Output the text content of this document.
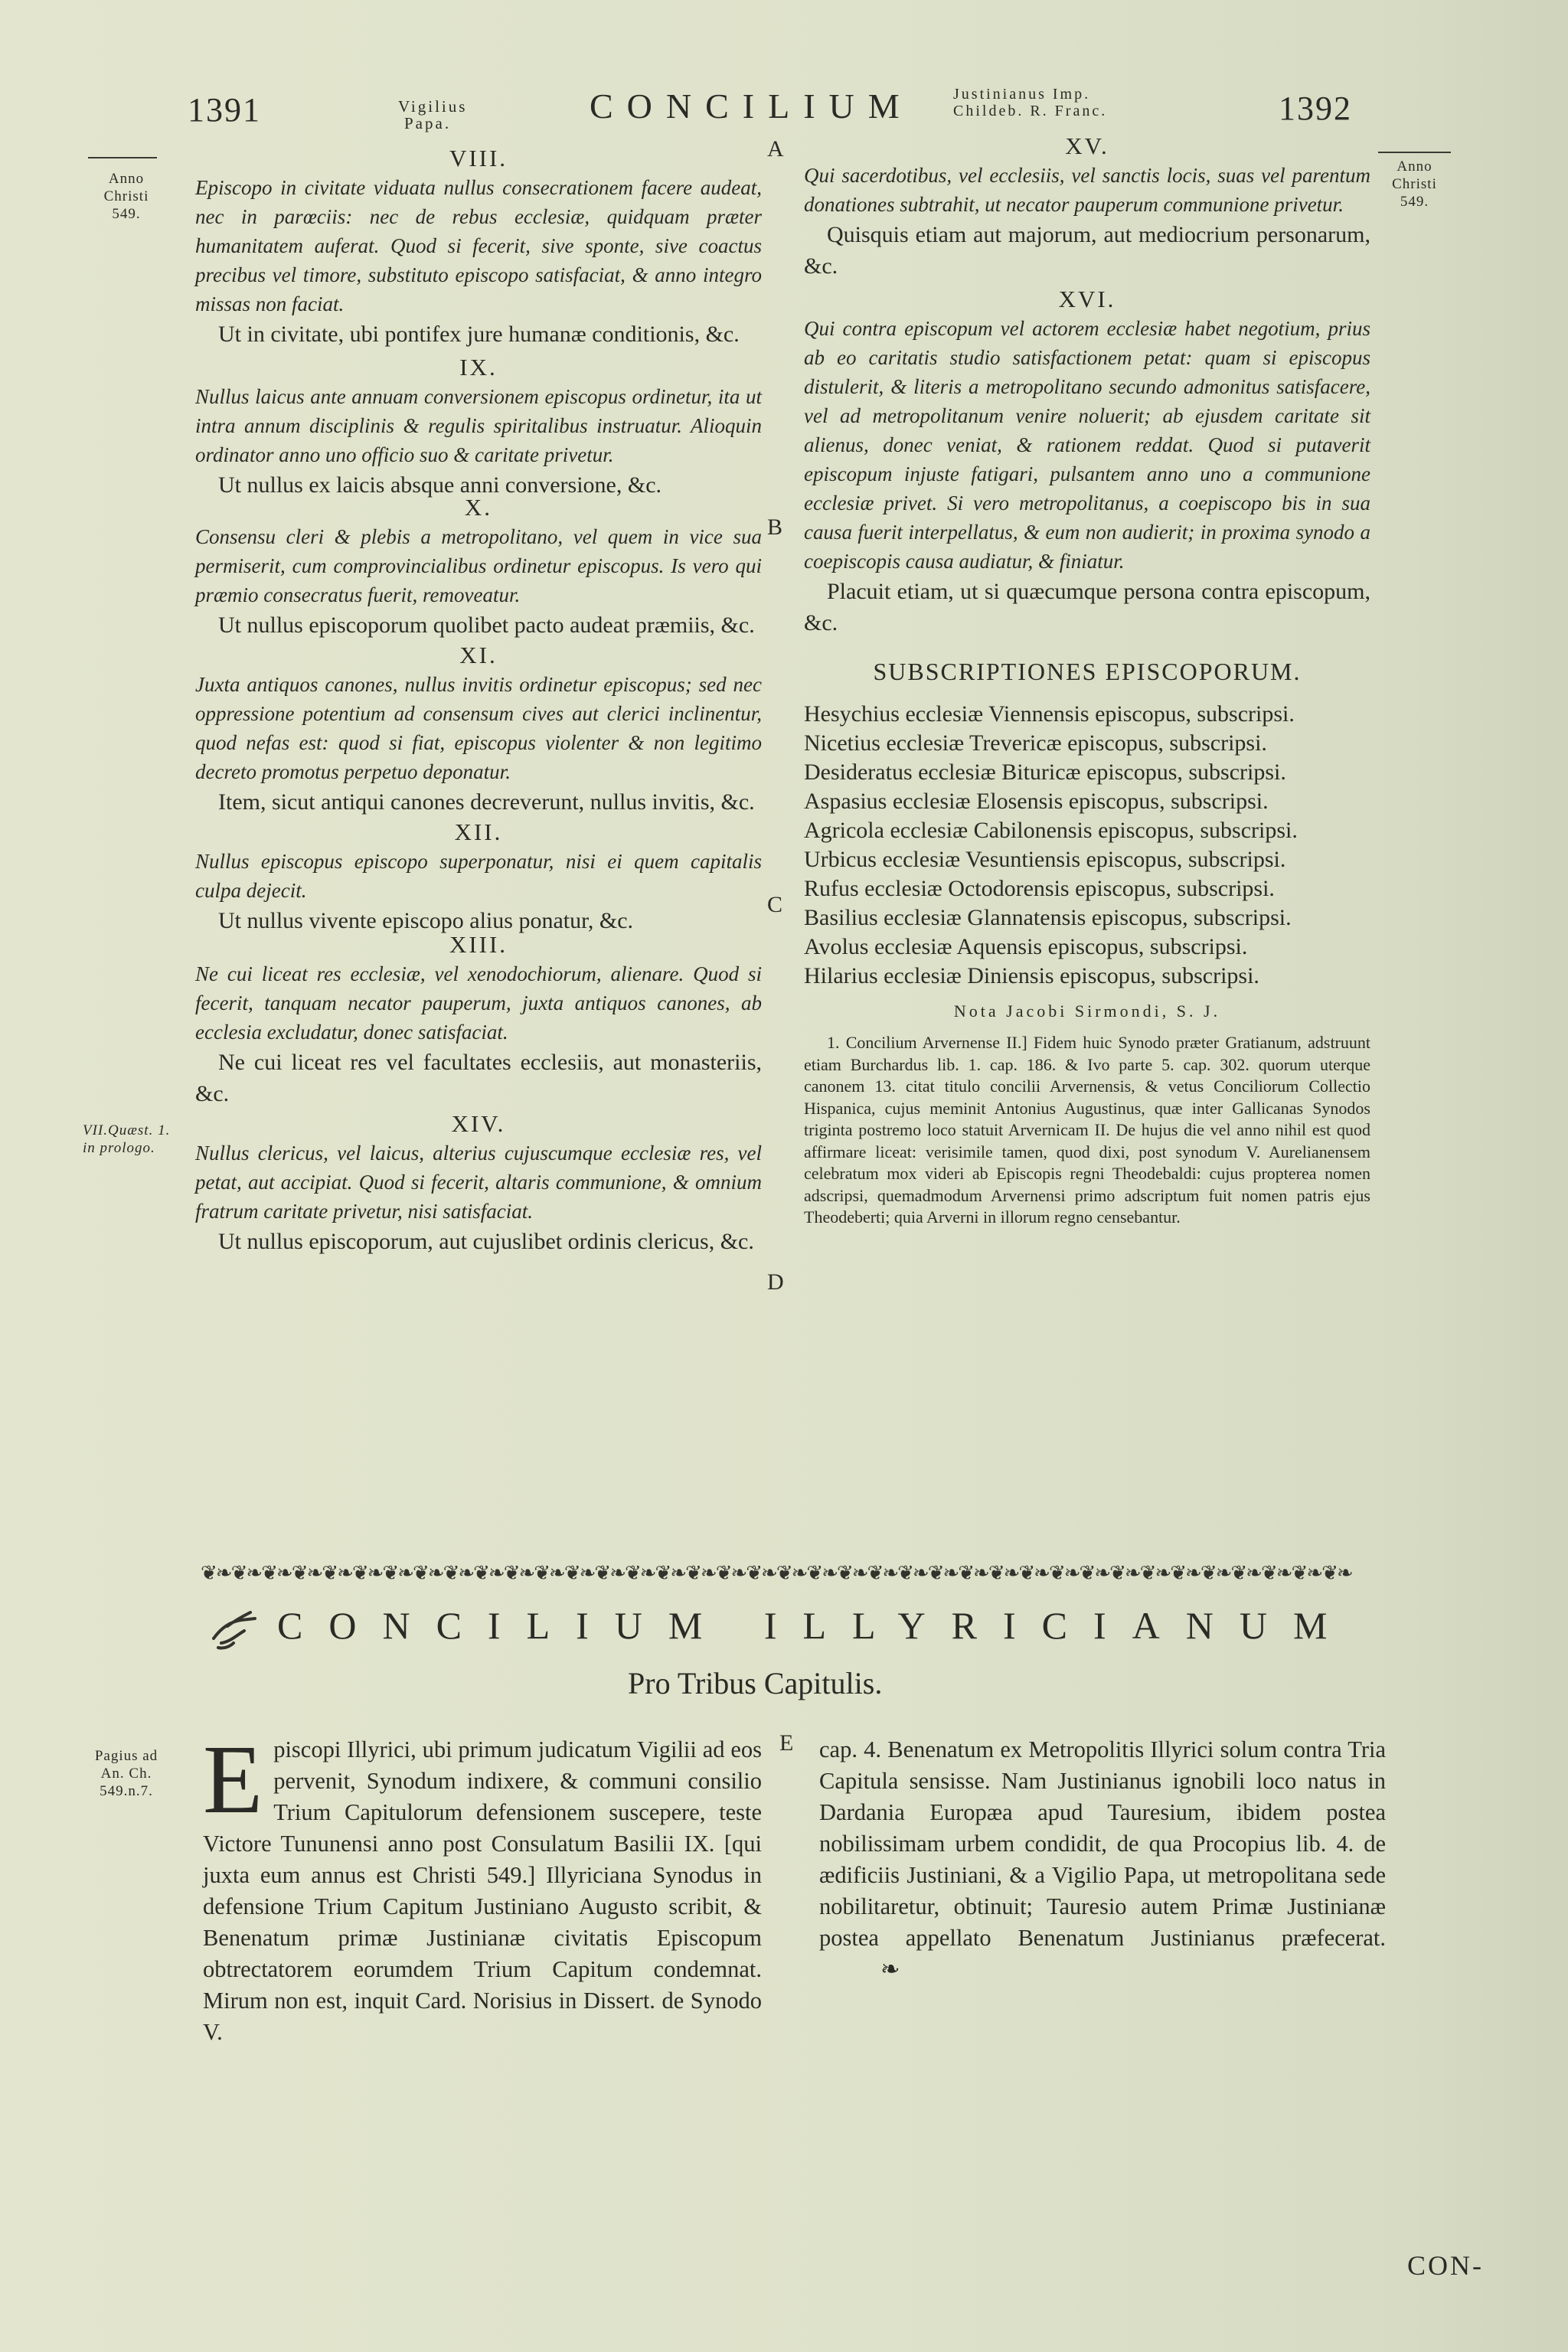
1391	Vigilius
Papa.	CONCILIUM	Justinianus Imp.
Childeb. R. Franc.	1392
Anno
Christi
549.
Anno
Christi
549.
VII.Quæst. 1.
in prologo.
Pagius ad
An. Ch.
549.n.7.
A
B
C
D
E
VIII.
Episcopo in civitate viduata nullus consecrationem facere audeat, nec in parœciis: nec de rebus ecclesiæ, quidquam præter humanitatem auferat. Quod si fecerit, sive sponte, sive coactus precibus vel timore, substituto episcopo satisfaciat, & anno integro missas non faciat.
Ut in civitate, ubi pontifex jure humanæ conditionis, &c.
IX.
Nullus laicus ante annuam conversionem episcopus ordinetur, ita ut intra annum disciplinis & regulis spiritalibus instruatur. Alioquin ordinator anno uno officio suo & caritate privetur.
Ut nullus ex laicis absque anni conversione, &c.
X.
Consensu cleri & plebis a metropolitano, vel quem in vice sua permiserit, cum comprovincialibus ordinetur episcopus. Is vero qui præmio consecratus fuerit, removeatur.
Ut nullus episcoporum quolibet pacto audeat præmiis, &c.
XI.
Juxta antiquos canones, nullus invitis ordinetur episcopus; sed nec oppressione potentium ad consensum cives aut clerici inclinentur, quod nefas est: quod si fiat, episcopus violenter & non legitimo decreto promotus perpetuo deponatur.
Item, sicut antiqui canones decreverunt, nullus invitis, &c.
XII.
Nullus episcopus episcopo superponatur, nisi ei quem capitalis culpa dejecit.
Ut nullus vivente episcopo alius ponatur, &c.
XIII.
Ne cui liceat res ecclesiæ, vel xenodochiorum, alienare. Quod si fecerit, tanquam necator pauperum, juxta antiquos canones, ab ecclesia excludatur, donec satisfaciat.
Ne cui liceat res vel facultates ecclesiis, aut monasteriis, &c.
XIV.
Nullus clericus, vel laicus, alterius cujuscumque ecclesiæ res, vel petat, aut accipiat. Quod si fecerit, altaris communione, & omnium fratrum caritate privetur, nisi satisfaciat.
Ut nullus episcoporum, aut cujuslibet ordinis clericus, &c.
XV.
Qui sacerdotibus, vel ecclesiis, vel sanctis locis, suas vel parentum donationes subtrahit, ut necator pauperum communione privetur.
Quisquis etiam aut majorum, aut mediocrium personarum, &c.
XVI.
Qui contra episcopum vel actorem ecclesiæ habet negotium, prius ab eo caritatis studio satisfactionem petat: quam si episcopus distulerit, & literis a metropolitano secundo admonitus satisfacere, vel ad metropolitanum venire noluerit; ab ejusdem caritate sit alienus, donec veniat, & rationem reddat. Quod si putaverit episcopum injuste fatigari, pulsantem anno uno a communione ecclesiæ privet. Si vero metropolitanus, a coepiscopo bis in sua causa fuerit interpellatus, & eum non audierit; in proxima synodo a coepiscopis causa audiatur, & finiatur.
Placuit etiam, ut si quæcumque persona contra episcopum, &c.
SUBSCRIPTIONES EPISCOPORUM.
Hesychius ecclesiæ Viennensis episcopus, subscripsi.
Nicetius ecclesiæ Trevericæ episcopus, subscripsi.
Desideratus ecclesiæ Bituricæ episcopus, subscripsi.
Aspasius ecclesiæ Elosensis episcopus, subscripsi.
Agricola ecclesiæ Cabilonensis episcopus, subscripsi.
Urbicus ecclesiæ Vesuntiensis episcopus, subscripsi.
Rufus ecclesiæ Octodorensis episcopus, subscripsi.
Basilius ecclesiæ Glannatensis episcopus, subscripsi.
Avolus ecclesiæ Aquensis episcopus, subscripsi.
Hilarius ecclesiæ Diniensis episcopus, subscripsi.
Nota Jacobi Sirmondi, S. J.
1. Concilium Arvernense II.] Fidem huic Synodo præter Gratianum, adstruunt etiam Burchardus lib. 1. cap. 186. & Ivo parte 5. cap. 302. quorum uterque canonem 13. citat titulo concilii Arvernensis, & vetus Conciliorum Collectio Hispanica, cujus meminit Antonius Augustinus, quæ inter Gallicanas Synodos triginta postremo loco statuit Arvernicam II. De hujus die vel anno nihil est quod affirmare liceat: verisimile tamen, quod dixi, post synodum V. Aurelianensem celebratum mox videri ab Episcopis regni Theodebaldi: cujus propterea nomen adscripsi, quemadmodum Arvernensi primo adscriptum fuit nomen patris ejus Theodeberti; quia Arverni in illorum regno censebantur.
❦❧❦❧❦❧❦❧❦❧❦❧❦❧❦❧❦❧❦❧❦❧❦❧❦❧❦❧❦❧❦❧❦❧❦❧❦❧❦❧❦❧❦❧❦❧❦❧❦❧❦❧❦❧❦❧❦❧❦❧❦❧❦❧❦❧❦❧❦❧❦❧❦❧❦❧
CONCILIUM ILLYRICIANUM
Pro Tribus Capitulis.
E piscopi Illyrici, ubi primum judicatum Vigilii ad eos pervenit, Synodum indixere, & communi consilio Trium Capitulorum defensionem suscepere, teste Victore Tununensi anno post Consulatum Basilii IX. [qui juxta eum annus est Christi 549.] Illyriciana Synodus in defensione Trium Capitum Justiniano Augusto scribit, & Benenatum primæ Justinianæ civitatis Episcopum obtrectatorem eorumdem Trium Capitum condemnat. Mirum non est, inquit Card. Norisius in Dissert. de Synodo V.
cap. 4. Benenatum ex Metropolitis Illyrici solum contra Tria Capitula sensisse. Nam Justinianus ignobili loco natus in Dardania Europæa apud Tauresium, ibidem postea nobilissimam urbem condidit, de qua Procopius lib. 4. de ædificiis Justiniani, & a Vigilio Papa, ut metropolitana sede nobilitaretur, obtinuit; Tauresio autem Primæ Justinianæ postea appellato Benenatum Justinianus præfecerat. ❧
CON-
